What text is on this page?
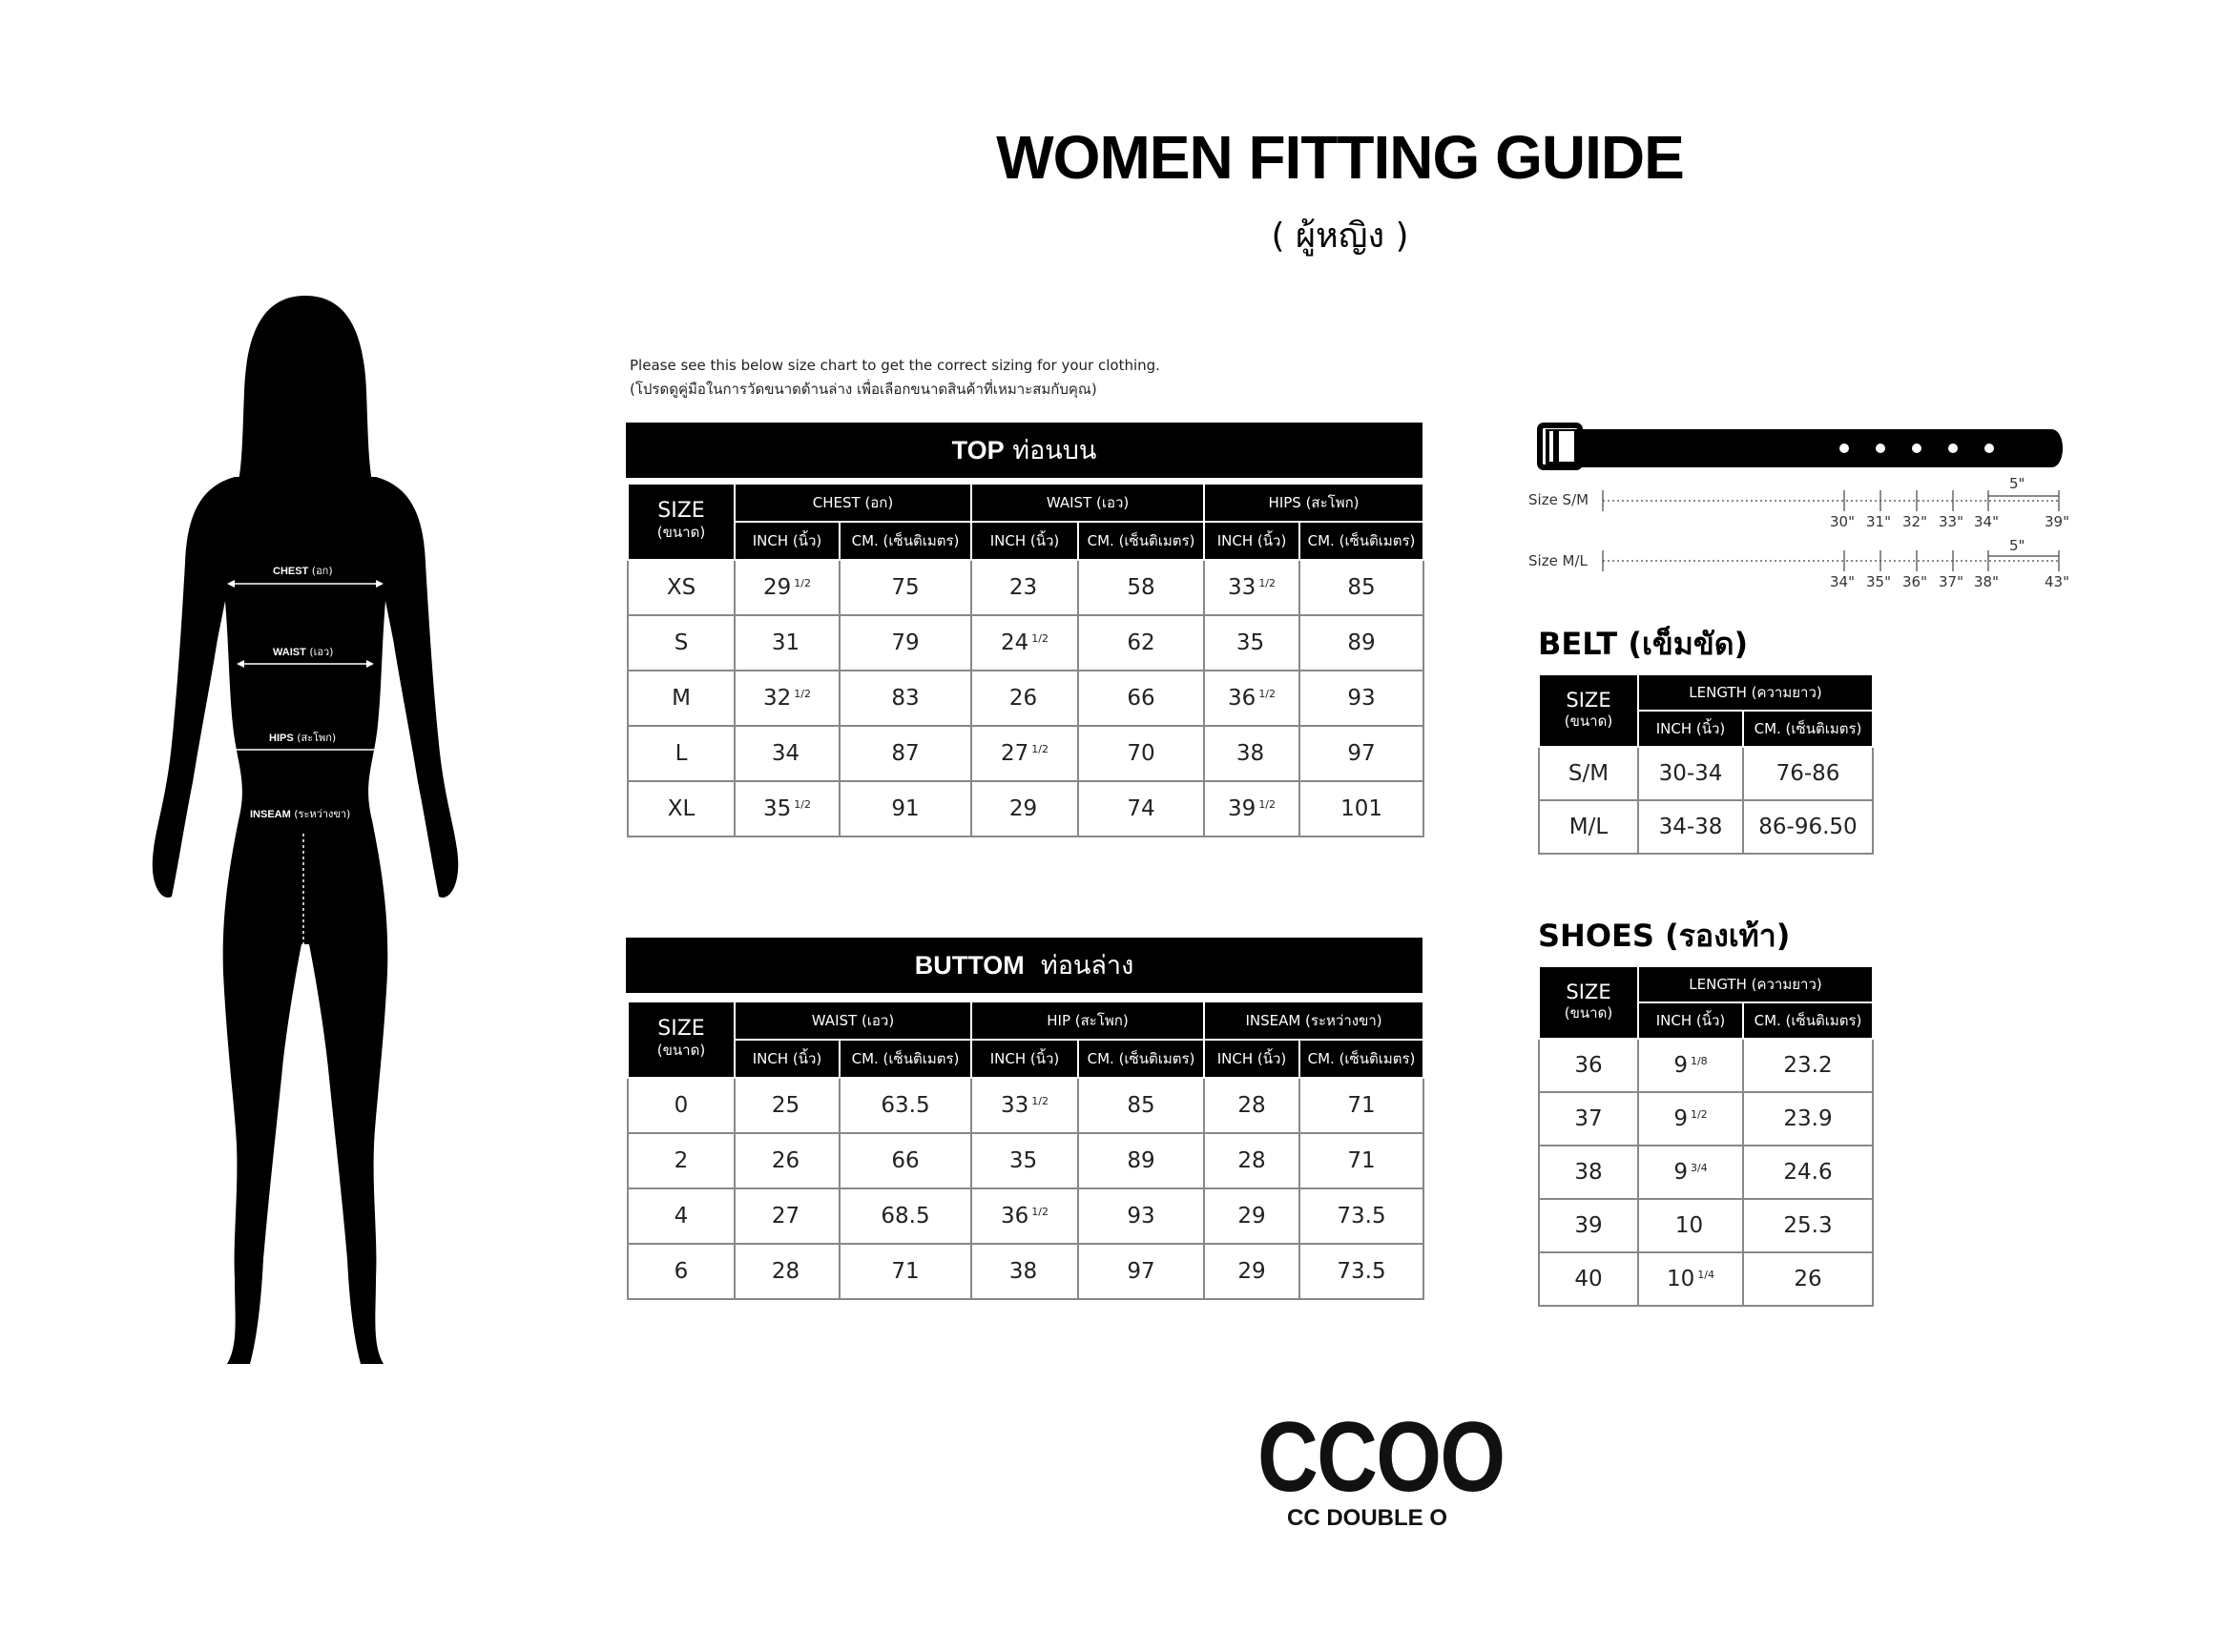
WOMEN FITTING GUIDE
( ผู้หญิง )
CHEST (อก)
WAIST (เอว)
HIPS (สะโพก)
INSEAM (ระหว่างขา)
Please see this below size chart to get the correct sizing for your clothing.
(โปรดดูคู่มือในการวัดขนาดด้านล่าง เพื่อเลือกขนาดสินค้าที่เหมาะสมกับคุณ)
TOP ท่อนบน
SIZE
(ขนาด)	CHEST (อก)		WAIST (เอว)		HIPS (สะโพก)	
	INCH (นิ้ว)	CM. (เซ็นติเมตร)	INCH (นิ้ว)	CM. (เซ็นติเมตร)	INCH (นิ้ว)	CM. (เซ็นติเมตร)
XS	29 $^{1/2}$	75	23	58	33 $^{1/2}$	85
S	31	79	24 $^{1/2}$	62	35	89
M	32 $^{1/2}$	83	26	66	36 $^{1/2}$	93
L	34	87	27 $^{1/2}$	70	38	97
XL	35 $^{1/2}$	91	29	74	39 $^{1/2}$	101
BUTTOM ท่อนล่าง
SIZE
(ขนาด)	WAIST (เอว)		HIP (สะโพก)		INSEAM (ระหว่างขา)	
	INCH (นิ้ว)	CM. (เซ็นติเมตร)	INCH (นิ้ว)	CM. (เซ็นติเมตร)	INCH (นิ้ว)	CM. (เซ็นติเมตร)
0	25	63.5	33 $^{1/2}$	85	28	71
2	26	66	35	89	28	71
4	27	68.5	36 $^{1/2}$	93	29	73.5
6	28	71	38	97	29	73.5
Size S/M
Size M/L
5"
5"
30" 31" 32" 33" 34"	39"
34" 35" 36" 37" 38"	43"
BELT (เข็มขัด)
SIZE
(ขนาด)	LENGTH (ความยาว)	
	INCH (นิ้ว)	CM. (เซ็นติเมตร)
S/M	30-34	76-86
M/L	34-38	86-96.50
SHOES (รองเท้า)
SIZE
(ขนาด)	LENGTH (ความยาว)	
	INCH (นิ้ว)	CM. (เซ็นติเมตร)
36	9 $^{1/8}$	23.2
37	9 $^{1/2}$	23.9
38	9 $^{3/4}$	24.6
39	10	25.3
40	10 $^{1/4}$	26
CCOO
CC DOUBLE O
